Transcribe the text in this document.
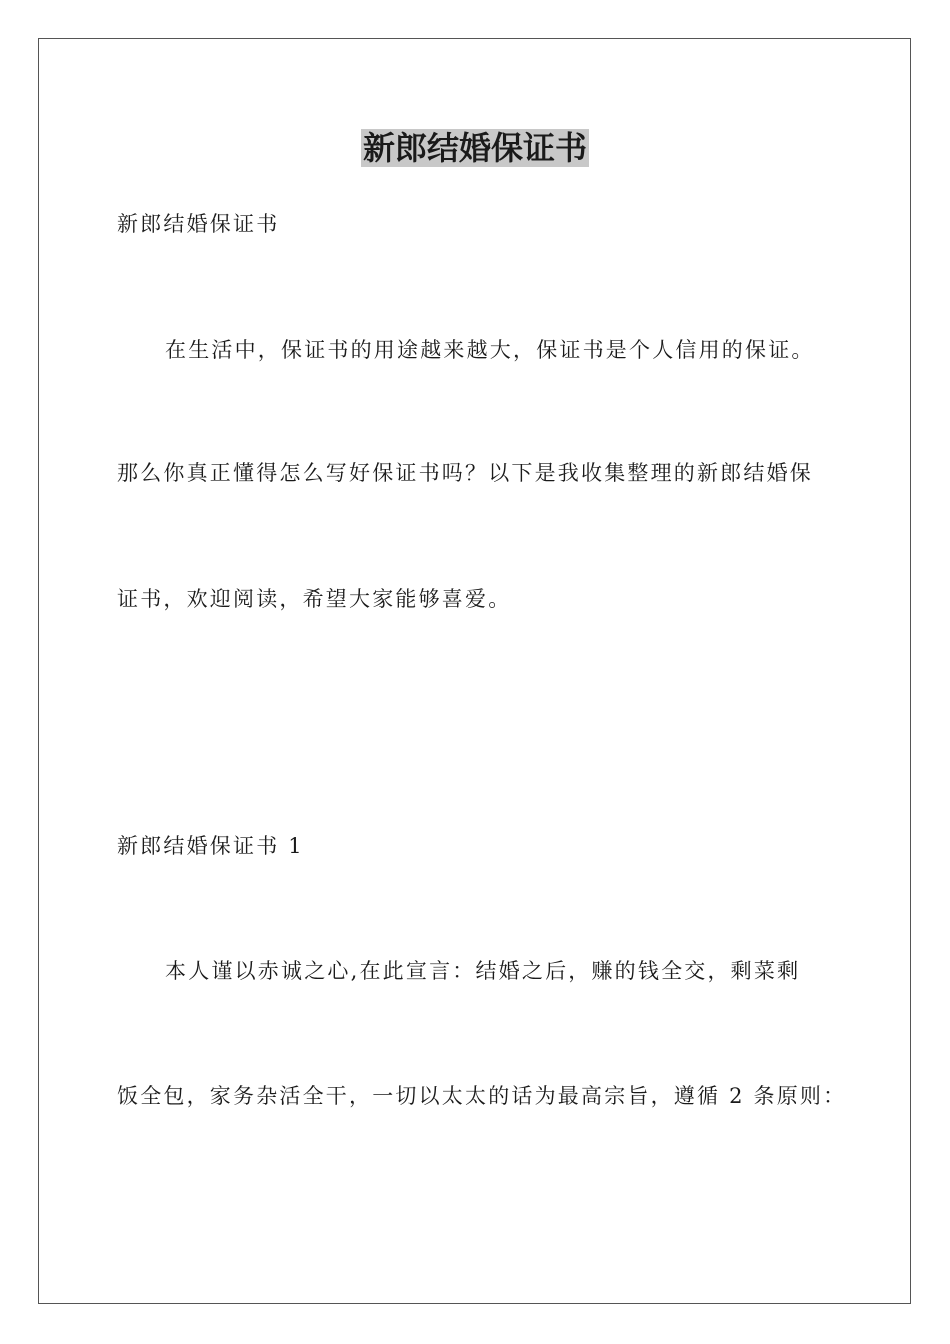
新郎结婚保证书
新郎结婚保证书
在生活中，保证书的用途越来越大，保证书是个人信用的保证。
那么你真正懂得怎么写好保证书吗？以下是我收集整理的新郎结婚保
证书，欢迎阅读，希望大家能够喜爱。
新郎结婚保证书 1
本人谨以赤诚之心,在此宣言：结婚之后，赚的钱全交，剩菜剩
饭全包，家务杂活全干，一切以太太的话为最高宗旨，遵循 2 条原则：
